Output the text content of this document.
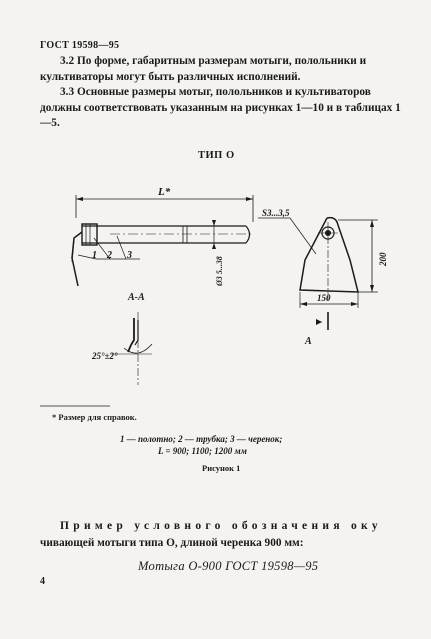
ГОСТ 19598—95
3.2 По форме, габаритным размерам мотыги, полольники и культиваторы могут быть различных исполнений.
3.3 Основные размеры мотыг, полольников и культиваторов должны соответствовать указанным на рисунках 1—10 и в таблицах 1—5.
ТИП О
L*
1 2 3
S3...3,5
Ø3 5...38	200
150
А
А-А
25°±2°
* Размер для справок.
1 — полотно; 2 — трубка; 3 — черенок;
L = 900; 1100; 1200 мм
Рисунок 1
Пример условного обозначения оку
чивающей мотыги типа О, длиной черенка 900 мм:
Мотыга О-900 ГОСТ 19598—95
4
